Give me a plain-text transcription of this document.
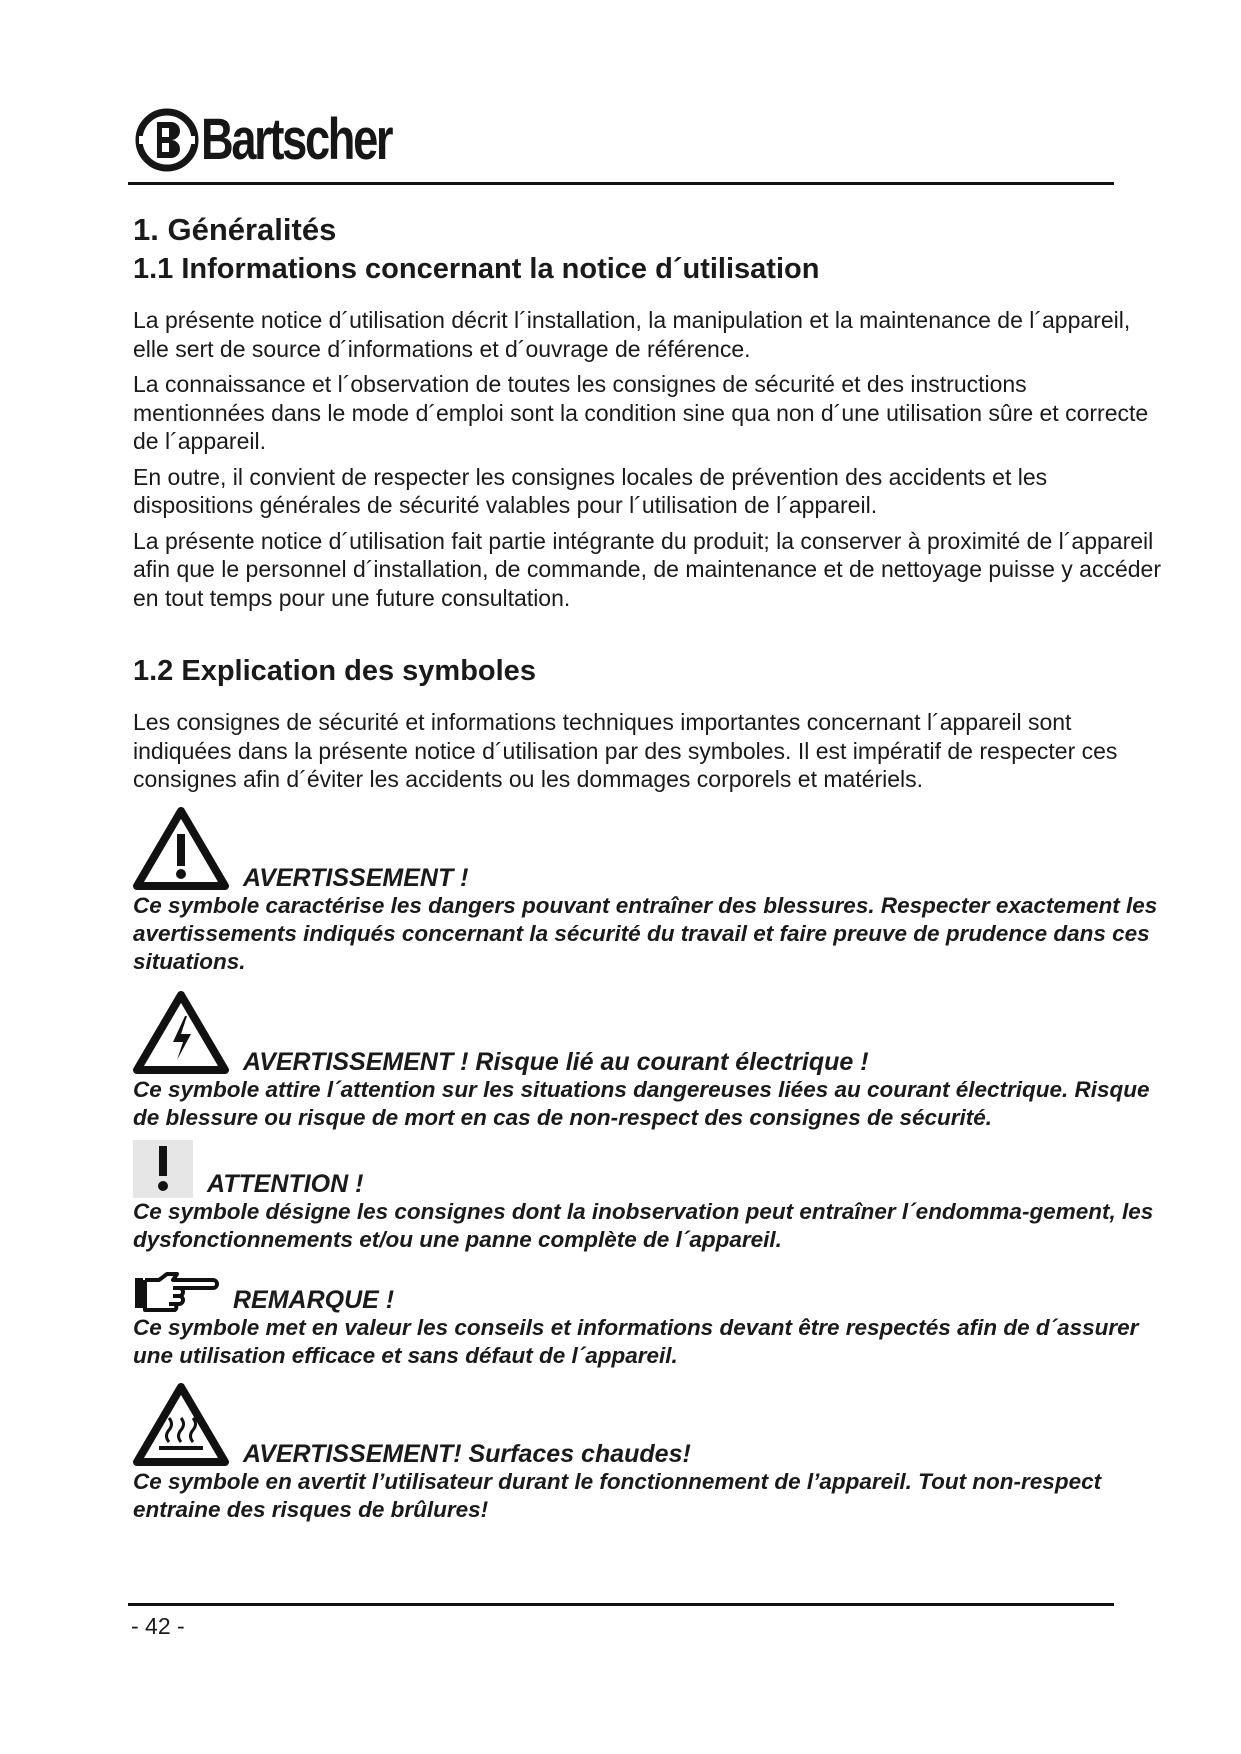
Bartscher
1. Généralités
1.1 Informations concernant la notice d´utilisation

La présente notice d´utilisation décrit l´installation, la manipulation et la maintenance de l´appareil, elle sert de source d´informations et d´ouvrage de référence.

La connaissance et l´observation de toutes les consignes de sécurité et des instructions mentionnées dans le mode d´emploi sont la condition sine qua non d´une utilisation sûre et correcte de l´appareil.

En outre, il convient de respecter les consignes locales de prévention des accidents et les dispositions générales de sécurité valables pour l´utilisation de l´appareil.

La présente notice d´utilisation fait partie intégrante du produit; la conserver à proximité de l´appareil afin que le personnel d´installation, de commande, de maintenance et de nettoyage puisse y accéder en tout temps pour une future consultation.

1.2 Explication des symboles

Les consignes de sécurité et informations techniques importantes concernant l´appareil sont indiquées dans la présente notice d´utilisation par des symboles. Il est impératif de respecter ces consignes afin d´éviter les accidents ou les dommages corporels et matériels.

AVERTISSEMENT !
Ce symbole caractérise les dangers pouvant entraîner des blessures. Respecter exactement les avertissements indiqués concernant la sécurité du travail et faire preuve de prudence dans ces situations.
AVERTISSEMENT ! Risque lié au courant électrique !
Ce symbole attire l´attention sur les situations dangereuses liées au courant électrique. Risque de blessure ou risque de mort en cas de non-respect des consignes de sécurité.
ATTENTION !
Ce symbole désigne les consignes dont la inobservation peut entraîner l´endomma-gement, les dysfonctionnements et/ou une panne complète de l´appareil.
REMARQUE !
Ce symbole met en valeur les conseils et informations devant être respectés afin de d´assurer une utilisation efficace et sans défaut de l´appareil.
AVERTISSEMENT! Surfaces chaudes!
Ce symbole en avertit l’utilisateur durant le fonctionnement de l’appareil. Tout non-respect entraine des risques de brûlures!
- 42 -
